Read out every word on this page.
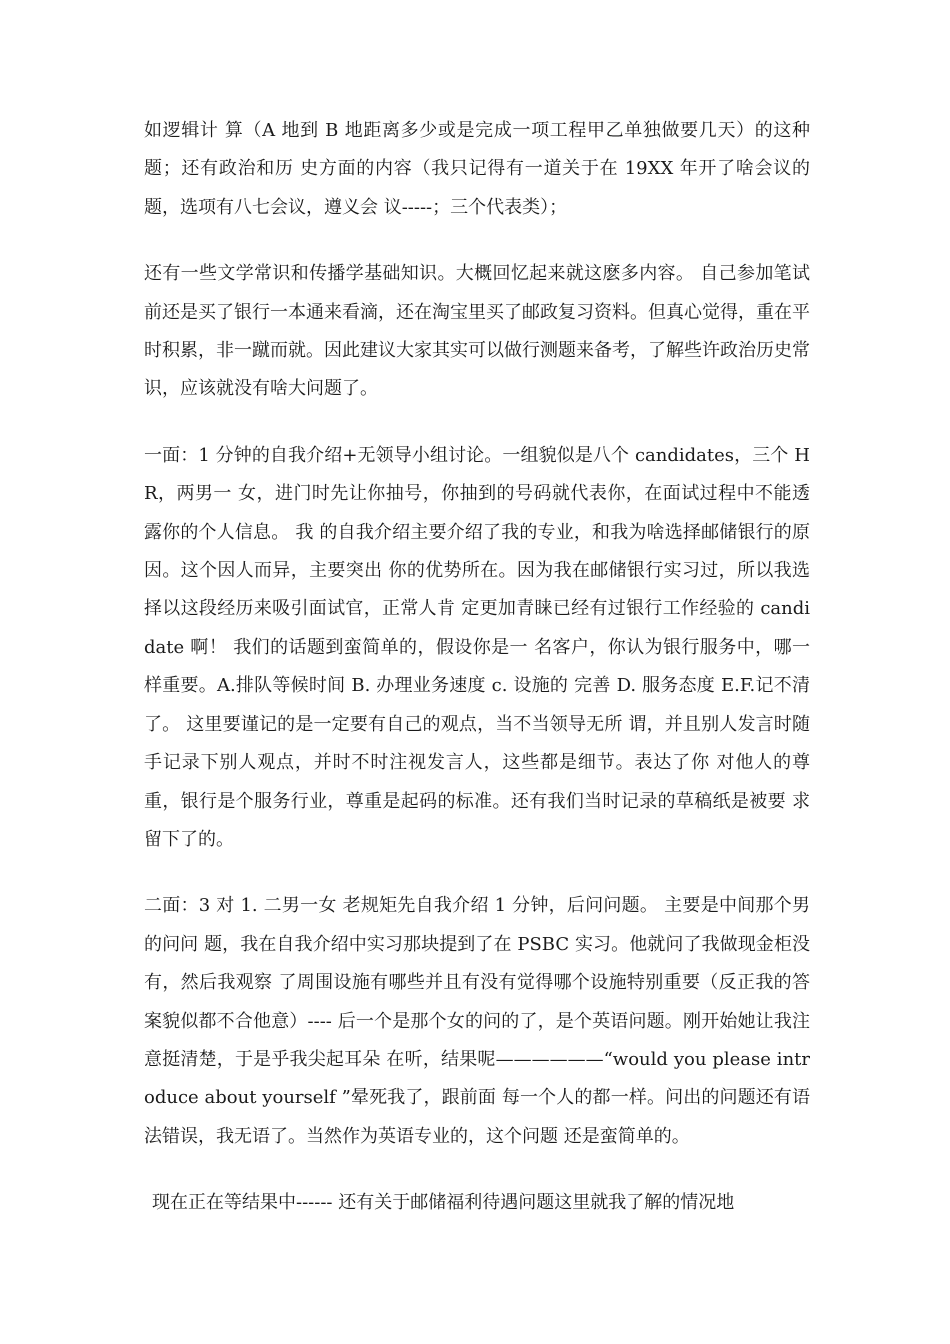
如逻辑计 算（A 地到 B 地距离多少或是完成一项工程甲乙单独做要几天）的这种题；还有政治和历 史方面的内容（我只记得有一道关于在 19XX 年开了啥会议的题，选项有八七会议，遵义会 议-----；三个代表类）；

还有一些文学常识和传播学基础知识。大概回忆起来就这麽多内容。 自己参加笔试前还是买了银行一本通来看滴，还在淘宝里买了邮政复习资料。但真心觉得，重在平时积累，非一蹴而就。因此建议大家其实可以做行测题来备考，了解些许政治历史常 识，应该就没有啥大问题了。

一面：1 分钟的自我介绍+无领导小组讨论。一组貌似是八个 candidates，三个 HR，两男一 女，进门时先让你抽号，你抽到的号码就代表你，在面试过程中不能透露你的个人信息。 我 的自我介绍主要介绍了我的专业，和我为啥选择邮储银行的原因。这个因人而异，主要突出 你的优势所在。因为我在邮储银行实习过，所以我选择以这段经历来吸引面试官，正常人肯 定更加青睐已经有过银行工作经验的 candidate 啊！ 我们的话题到蛮简单的，假设你是一 名客户，你认为银行服务中，哪一样重要。A.排队等候时间 B. 办理业务速度 c. 设施的 完善 D. 服务态度 E.F.记不清了。 这里要谨记的是一定要有自己的观点，当不当领导无所 谓，并且别人发言时随手记录下别人观点，并时不时注视发言人，这些都是细节。表达了你 对他人的尊重，银行是个服务行业，尊重是起码的标准。还有我们当时记录的草稿纸是被要 求留下了的。

二面：3 对 1. 二男一女 老规矩先自我介绍 1 分钟，后问问题。 主要是中间那个男的问问 题，我在自我介绍中实习那块提到了在 PSBC 实习。他就问了我做现金柜没有，然后我观察 了周围设施有哪些并且有没有觉得哪个设施特别重要（反正我的答案貌似都不合他意）---- 后一个是那个女的问的了，是个英语问题。刚开始她让我注意挺清楚，于是乎我尖起耳朵 在听，结果呢——————“would you please introduce about yourself ”晕死我了，跟前面 每一个人的都一样。问出的问题还有语法错误，我无语了。当然作为英语专业的，这个问题 还是蛮简单的。

现在正在等结果中------ 还有关于邮储福利待遇问题这里就我了解的情况地
